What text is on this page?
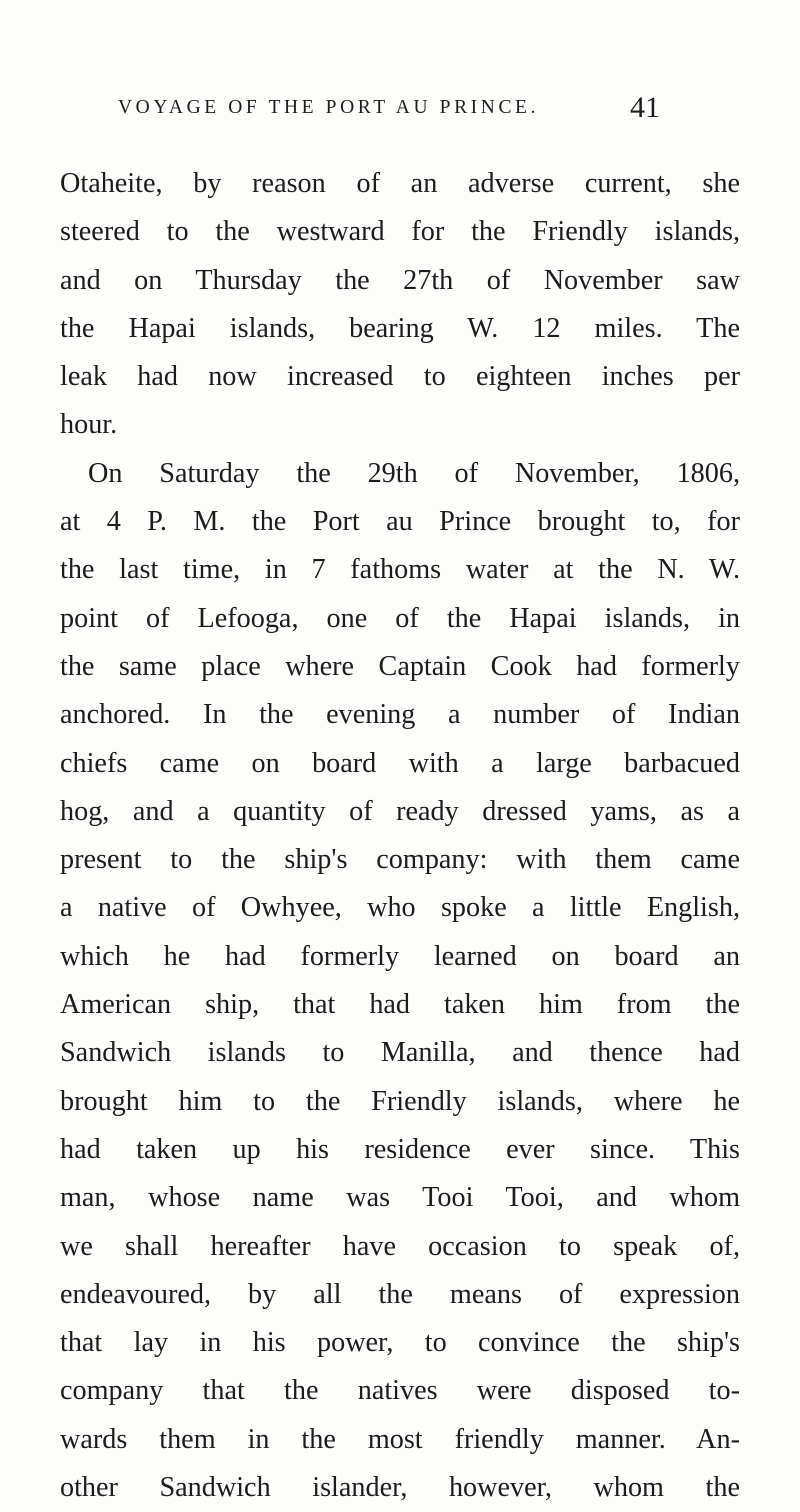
VOYAGE OF THE PORT AU PRINCE.	41
Otaheite, by reason of an adverse current, she
steered to the westward for the Friendly islands,
and on Thursday the 27th of November saw
the Hapai islands, bearing W. 12 miles. The
leak had now increased to eighteen inches per
hour.
On Saturday the 29th of November, 1806,
at 4 P. M. the Port au Prince brought to, for
the last time, in 7 fathoms water at the N. W.
point of Lefooga, one of the Hapai islands, in
the same place where Captain Cook had formerly
anchored. In the evening a number of Indian
chiefs came on board with a large barbacued
hog, and a quantity of ready dressed yams, as a
present to the ship's company: with them came
a native of Owhyee, who spoke a little English,
which he had formerly learned on board an
American ship, that had taken him from the
Sandwich islands to Manilla, and thence had
brought him to the Friendly islands, where he
had taken up his residence ever since. This
man, whose name was Tooi Tooi, and whom
we shall hereafter have occasion to speak of,
endeavoured, by all the means of expression
that lay in his power, to convince the ship's
company that the natives were disposed to-
wards them in the most friendly manner. An-
other Sandwich islander, however, whom the
